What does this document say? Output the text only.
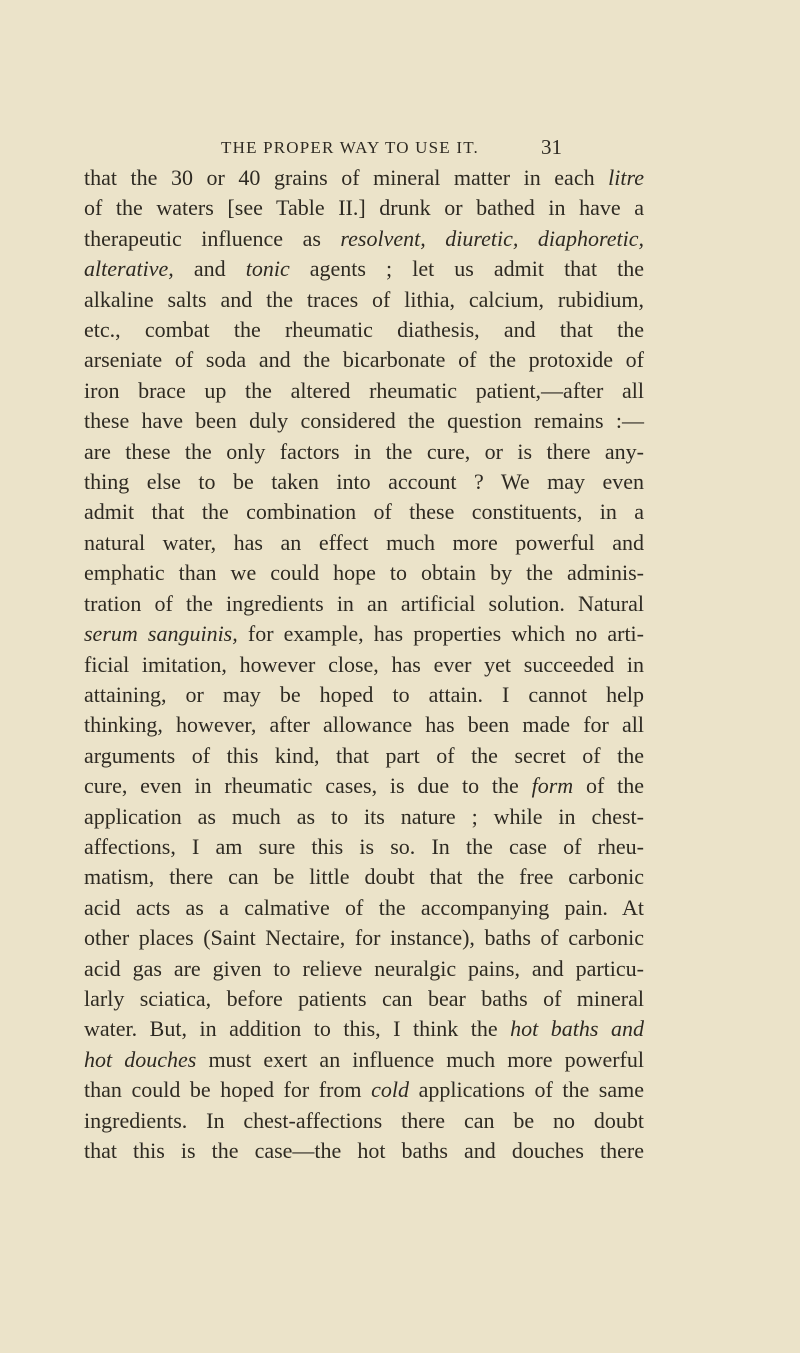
THE PROPER WAY TO USE IT.	31
that the 30 or 40 grains of mineral matter in each litre
of the waters [see Table II.] drunk or bathed in have a
therapeutic influence as resolvent, diuretic, diaphoretic,
alterative, and tonic agents ; let us admit that the
alkaline salts and the traces of lithia, calcium, rubidium,
etc., combat the rheumatic diathesis, and that the
arseniate of soda and the bicarbonate of the protoxide of
iron brace up the altered rheumatic patient,—after all
these have been duly considered the question remains :—
are these the only factors in the cure, or is there any-
thing else to be taken into account ? We may even
admit that the combination of these constituents, in a
natural water, has an effect much more powerful and
emphatic than we could hope to obtain by the adminis-
tration of the ingredients in an artificial solution. Natural
serum sanguinis, for example, has properties which no arti-
ficial imitation, however close, has ever yet succeeded in
attaining, or may be hoped to attain. I cannot help
thinking, however, after allowance has been made for all
arguments of this kind, that part of the secret of the
cure, even in rheumatic cases, is due to the form of the
application as much as to its nature ; while in chest-
affections, I am sure this is so. In the case of rheu-
matism, there can be little doubt that the free carbonic
acid acts as a calmative of the accompanying pain. At
other places (Saint Nectaire, for instance), baths of carbonic
acid gas are given to relieve neuralgic pains, and particu-
larly sciatica, before patients can bear baths of mineral
water. But, in addition to this, I think the hot baths and
hot douches must exert an influence much more powerful
than could be hoped for from cold applications of the same
ingredients. In chest-affections there can be no doubt
that this is the case—the hot baths and douches there
